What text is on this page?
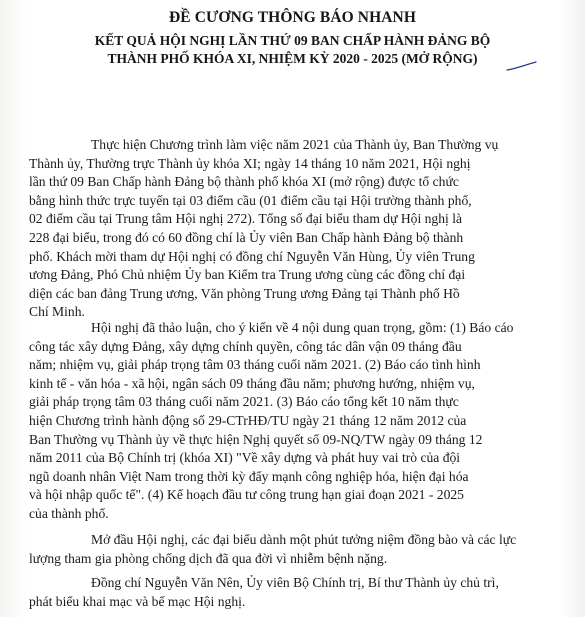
ĐỀ CƯƠNG THÔNG BÁO NHANH
KẾT QUẢ HỘI NGHỊ LẦN THỨ 09 BAN CHẤP HÀNH ĐẢNG BỘ
THÀNH PHỐ KHÓA XI, NHIỆM KỲ 2020 - 2025 (MỞ RỘNG)
Thực hiện Chương trình làm việc năm 2021 của Thành ủy, Ban Thường vụ
Thành ủy, Thường trực Thành ủy khóa XI; ngày 14 tháng 10 năm 2021, Hội nghị
lần thứ 09 Ban Chấp hành Đảng bộ thành phố khóa XI (mở rộng) được tổ chức
bằng hình thức trực tuyến tại 03 điểm cầu (01 điểm cầu tại Hội trường thành phố,
02 điểm cầu tại Trung tâm Hội nghị 272). Tổng số đại biểu tham dự Hội nghị là
228 đại biểu, trong đó có 60 đồng chí là Ủy viên Ban Chấp hành Đảng bộ thành
phố. Khách mời tham dự Hội nghị có đồng chí Nguyễn Văn Hùng, Ủy viên Trung
ương Đảng, Phó Chủ nhiệm Ủy ban Kiểm tra Trung ương cùng các đồng chí đại
diện các ban đảng Trung ương, Văn phòng Trung ương Đảng tại Thành phố Hồ
Chí Minh.
Hội nghị đã thảo luận, cho ý kiến về 4 nội dung quan trọng, gồm: (1) Báo cáo
công tác xây dựng Đảng, xây dựng chính quyền, công tác dân vận 09 tháng đầu
năm; nhiệm vụ, giải pháp trọng tâm 03 tháng cuối năm 2021. (2) Báo cáo tình hình
kinh tế - văn hóa - xã hội, ngân sách 09 tháng đầu năm; phương hướng, nhiệm vụ,
giải pháp trọng tâm 03 tháng cuối năm 2021. (3) Báo cáo tổng kết 10 năm thực
hiện Chương trình hành động số 29-CTrHĐ/TU ngày 21 tháng 12 năm 2012 của
Ban Thường vụ Thành ủy về thực hiện Nghị quyết số 09-NQ/TW ngày 09 tháng 12
năm 2011 của Bộ Chính trị (khóa XI) "Về xây dựng và phát huy vai trò của đội
ngũ doanh nhân Việt Nam trong thời kỳ đẩy mạnh công nghiệp hóa, hiện đại hóa
và hội nhập quốc tế". (4) Kế hoạch đầu tư công trung hạn giai đoạn 2021 - 2025
của thành phố.
Mở đầu Hội nghị, các đại biểu dành một phút tưởng niệm đồng bào và các lực
lượng tham gia phòng chống dịch đã qua đời vì nhiễm bệnh nặng.
Đồng chí Nguyễn Văn Nên, Ủy viên Bộ Chính trị, Bí thư Thành ủy chủ trì,
phát biểu khai mạc và bế mạc Hội nghị.
